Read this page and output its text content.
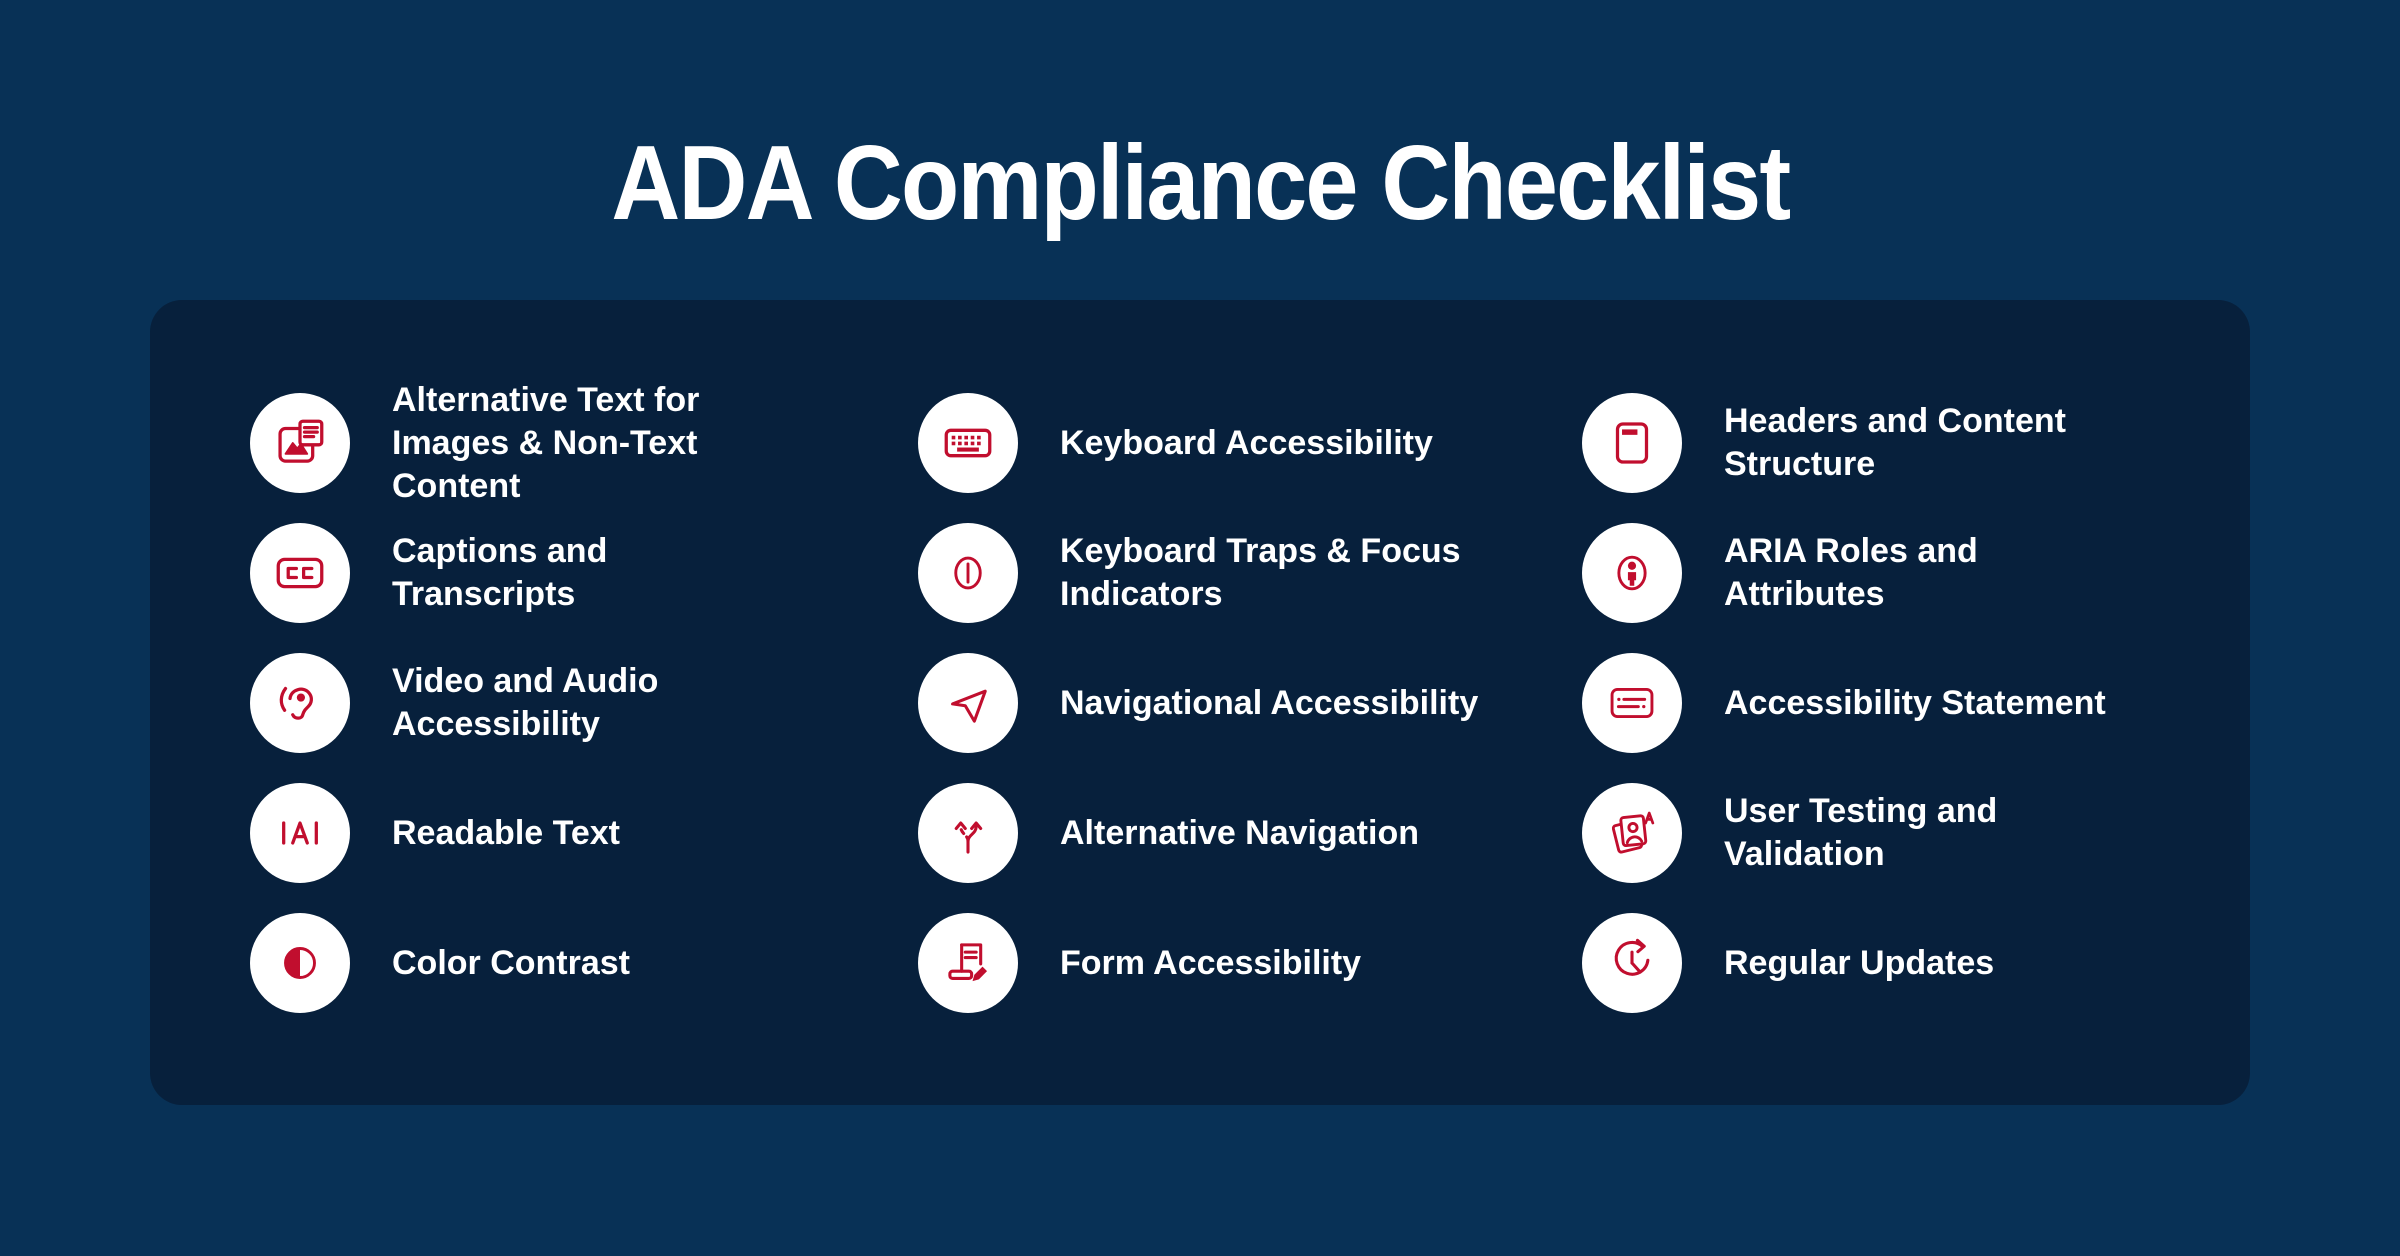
ADA Compliance Checklist
Alternative Text for Images & Non-Text Content
Captions and Transcripts
Video and Audio Accessibility
Readable Text
Color Contrast
Keyboard Accessibility
Keyboard Traps & Focus Indicators
Navigational Accessibility
Alternative Navigation
Form Accessibility
Headers and Content Structure
ARIA Roles and Attributes
Accessibility Statement
User Testing and Validation
Regular Updates
